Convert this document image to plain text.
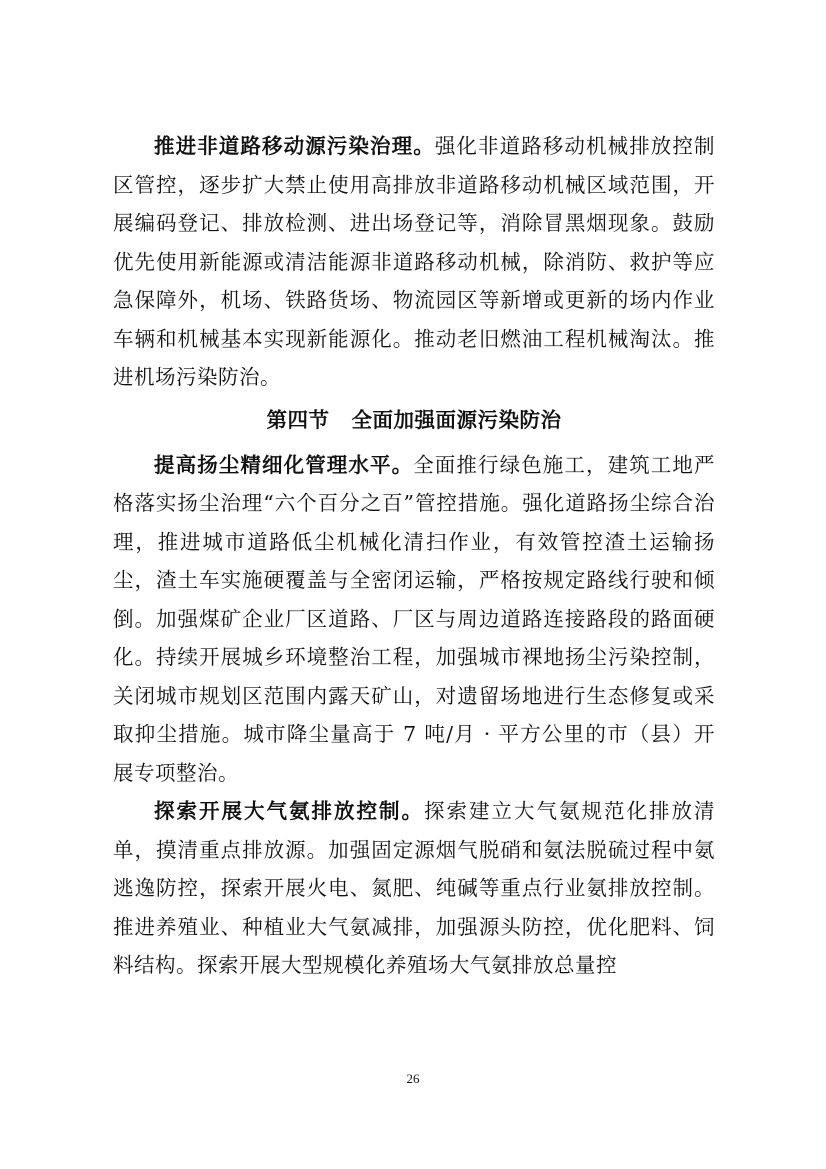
推进非道路移动源污染治理。强化非道路移动机械排放控制区管控，逐步扩大禁止使用高排放非道路移动机械区域范围，开展编码登记、排放检测、进出场登记等，消除冒黑烟现象。鼓励优先使用新能源或清洁能源非道路移动机械，除消防、救护等应急保障外，机场、铁路货场、物流园区等新增或更新的场内作业车辆和机械基本实现新能源化。推动老旧燃油工程机械淘汰。推进机场污染防治。

第四节 全面加强面源污染防治

提高扬尘精细化管理水平。全面推行绿色施工，建筑工地严格落实扬尘治理“六个百分之百”管控措施。强化道路扬尘综合治理，推进城市道路低尘机械化清扫作业，有效管控渣土运输扬尘，渣土车实施硬覆盖与全密闭运输，严格按规定路线行驶和倾倒。加强煤矿企业厂区道路、厂区与周边道路连接路段的路面硬化。持续开展城乡环境整治工程，加强城市裸地扬尘污染控制，关闭城市规划区范围内露天矿山，对遗留场地进行生态修复或采取抑尘措施。城市降尘量高于 7 吨/月 · 平方公里的市（县）开展专项整治。

探索开展大气氨排放控制。探索建立大气氨规范化排放清单，摸清重点排放源。加强固定源烟气脱硝和氨法脱硫过程中氨逃逸防控，探索开展火电、氮肥、纯碱等重点行业氨排放控制。推进养殖业、种植业大气氨减排，加强源头防控，优化肥料、饲料结构。探索开展大型规模化养殖场大气氨排放总量控

26
